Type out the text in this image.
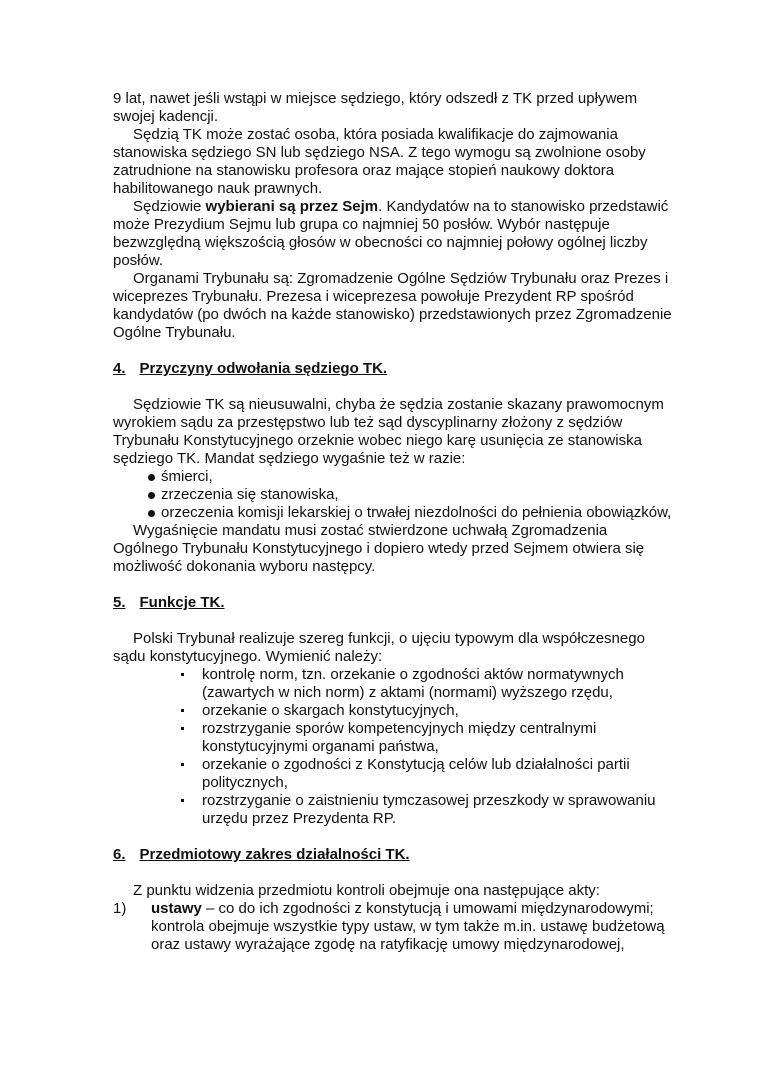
9 lat, nawet jeśli wstąpi w miejsce sędziego, który odszedł z TK przed upływem swojej kadencji.

Sędzią TK może zostać osoba, która posiada kwalifikacje do zajmowania stanowiska sędziego SN lub sędziego NSA. Z tego wymogu są zwolnione osoby zatrudnione na stanowisku profesora oraz mające stopień naukowy doktora habilitowanego nauk prawnych.

Sędziowie wybierani są przez Sejm. Kandydatów na to stanowisko przedstawić może Prezydium Sejmu lub grupa co najmniej 50 posłów. Wybór następuje bezwzględną większością głosów w obecności co najmniej połowy ogólnej liczby posłów.

Organami Trybunału są: Zgromadzenie Ogólne Sędziów Trybunału oraz Prezes i wiceprezes Trybunału. Prezesa i wiceprezesa powołuje Prezydent RP spośród kandydatów (po dwóch na każde stanowisko) przedstawionych przez Zgromadzenie Ogólne Trybunału.

4. Przyczyny odwołania sędziego TK.

Sędziowie TK są nieusuwalni, chyba że sędzia zostanie skazany prawomocnym wyrokiem sądu za przestępstwo lub też sąd dyscyplinarny złożony z sędziów Trybunału Konstytucyjnego orzeknie wobec niego karę usunięcia ze stanowiska sędziego TK. Mandat sędziego wygaśnie też w razie:

śmierci,
zrzeczenia się stanowiska,
orzeczenia komisji lekarskiej o trwałej niezdolności do pełnienia obowiązków,

Wygaśnięcie mandatu musi zostać stwierdzone uchwałą Zgromadzenia Ogólnego Trybunału Konstytucyjnego i dopiero wtedy przed Sejmem otwiera się możliwość dokonania wyboru następcy.

5. Funkcje TK.

Polski Trybunał realizuje szereg funkcji, o ujęciu typowym dla współczesnego sądu konstytucyjnego. Wymienić należy:

kontrolę norm, tzn. orzekanie o zgodności aktów normatywnych (zawartych w nich norm) z aktami (normami) wyższego rzędu,
orzekanie o skargach konstytucyjnych,
rozstrzyganie sporów kompetencyjnych między centralnymi konstytucyjnymi organami państwa,
orzekanie o zgodności z Konstytucją celów lub działalności partii politycznych,
rozstrzyganie o zaistnieniu tymczasowej przeszkody w sprawowaniu urzędu przez Prezydenta RP.
6. Przedmiotowy zakres działalności TK.

Z punktu widzenia przedmiotu kontroli obejmuje ona następujące akty:

1) ustawy – co do ich zgodności z konstytucją i umowami międzynarodowymi; kontrola obejmuje wszystkie typy ustaw, w tym także m.in. ustawę budżetową oraz ustawy wyrażające zgodę na ratyfikację umowy międzynarodowej,
